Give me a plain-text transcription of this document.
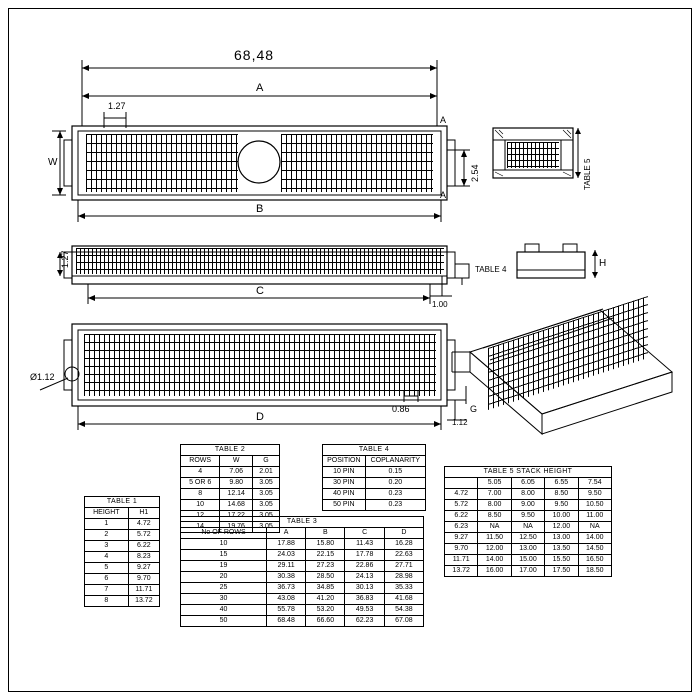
68,48
A
1.27
B
W
A
A
2.54
1.27
C
TABLE 4
1.00
Ø1.12
D
0.86
1.12
G
TABLE 5
H
TABLE 1	
HEIGHT	H1
1	4.72
2	5.72
3	6.22
4	8.23
5	9.27
6	9.70
7	11.71
8	13.72
TABLE 2		
ROWS	W	G
4	7.06	2.01
5 OR 6	9.80	3.05
8	12.14	3.05
10	14.68	3.05
12	17.22	3.05
14	19.76	3.05
TABLE 3				
No OF ROWS	A	B	C	D
10	17.88	15.80	11.43	16.28
15	24.03	22.15	17.78	22.63
19	29.11	27.23	22.86	27.71
20	30.38	28.50	24.13	28.98
25	36.73	34.85	30.13	35.33
30	43.08	41.20	36.83	41.68
40	55.78	53.20	49.53	54.38
50	68.48	66.60	62.23	67.08
TABLE 4	
POSITION	COPLANARITY
10 PIN	0.15
30 PIN	0.20
40 PIN	0.23
50 PIN	0.23
TABLE 5 STACK HEIGHT				
	5.05	6.05	6.55	7.54
4.72	7.00	8.00	8.50	9.50
5.72	8.00	9.00	9.50	10.50
6.22	8.50	9.50	10.00	11.00
6.23	NA	NA	12.00	NA
9.27	11.50	12.50	13.00	14.00
9.70	12.00	13.00	13.50	14.50
11.71	14.00	15.00	15.50	16.50
13.72	16.00	17.00	17.50	18.50
